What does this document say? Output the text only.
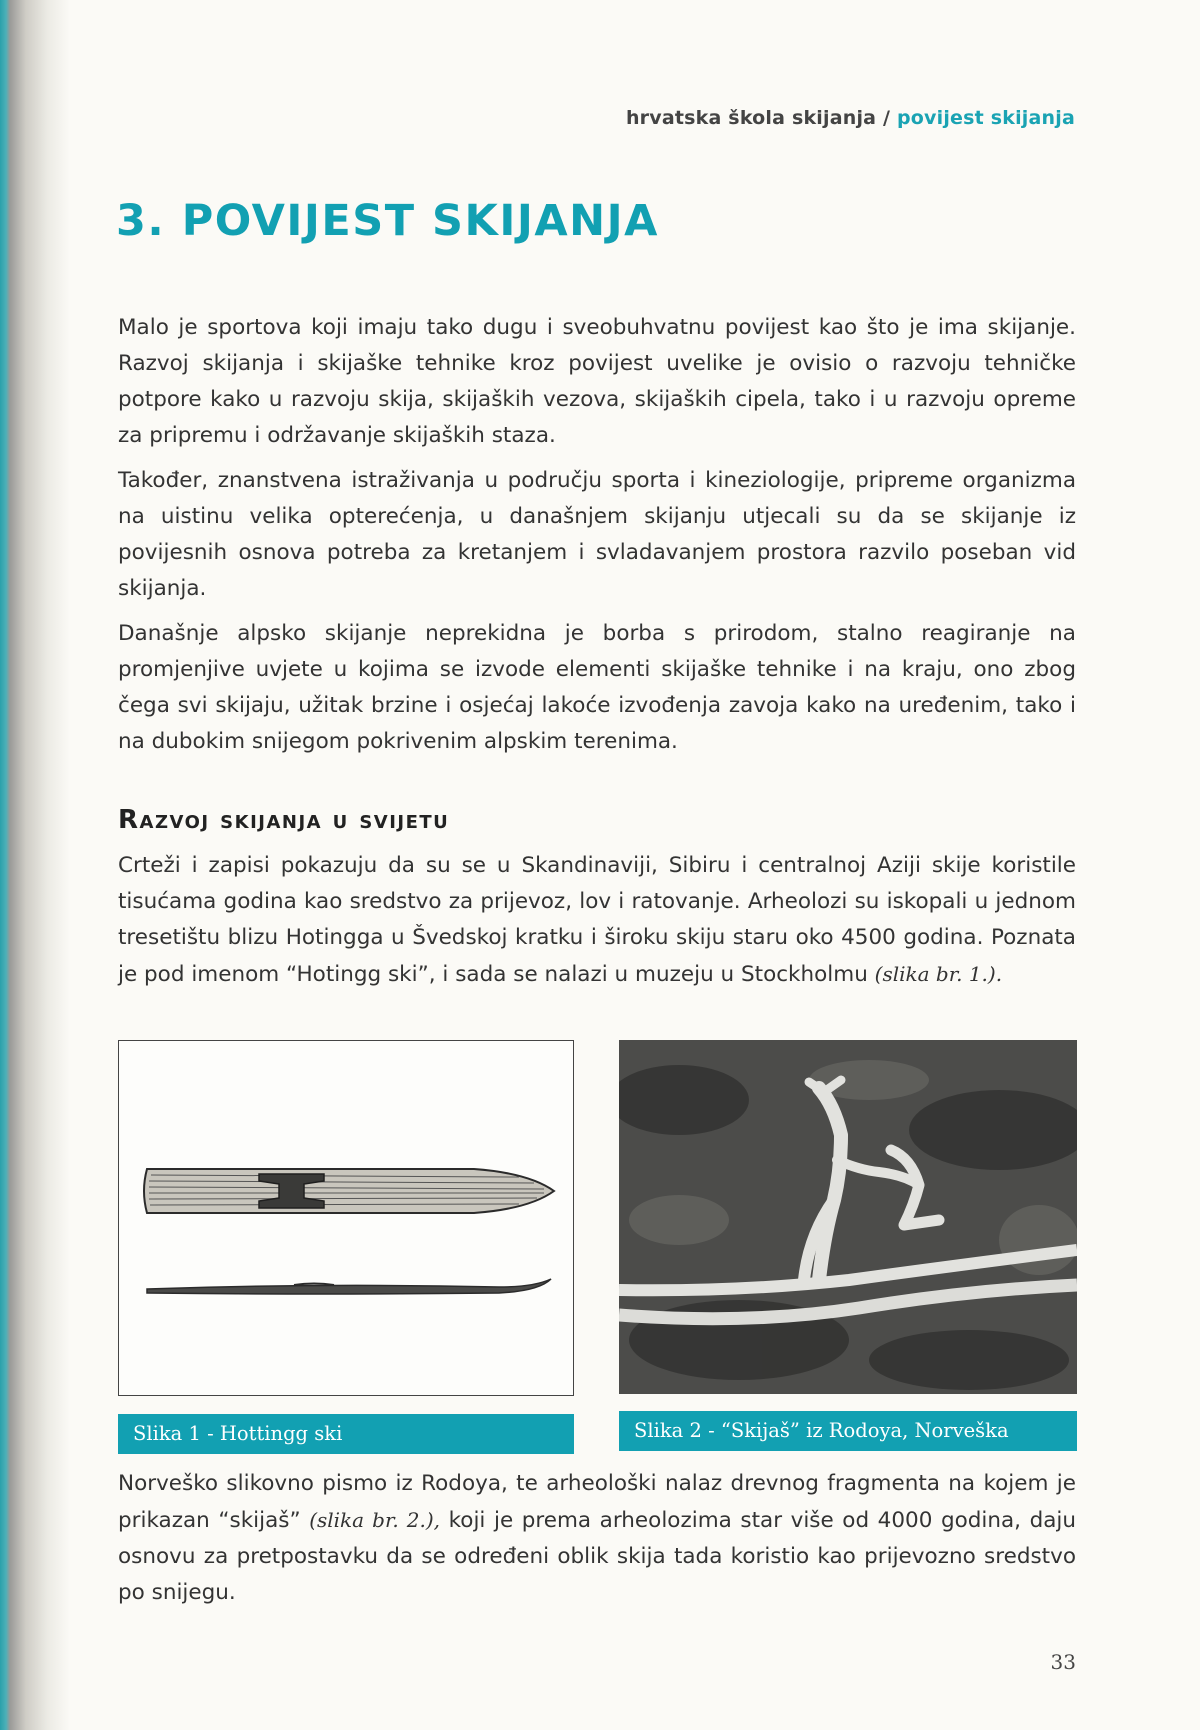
hrvatska škola skijanja / povijest skijanja
3. POVIJEST SKIJANJA

Malo je sportova koji imaju tako dugu i sveobuhvatnu povijest kao što je ima skijanje. Razvoj skijanja i skijaške tehnike kroz povijest uvelike je ovisio o razvoju tehničke potpore kako u razvoju skija, skijaških vezova, skijaških cipela, tako i u razvoju opreme za pripremu i održavanje skijaških staza.

Također, znanstvena istraživanja u području sporta i kineziologije, pripreme organizma na uistinu velika opterećenja, u današnjem skijanju utjecali su da se skijanje iz povijesnih osnova potreba za kretanjem i svladavanjem prostora razvilo poseban vid skijanja.

Današnje alpsko skijanje neprekidna je borba s prirodom, stalno reagiranje na promjenjive uvjete u kojima se izvode elementi skijaške tehnike i na kraju, ono zbog čega svi skijaju, užitak brzine i osjećaj lakoće izvođenja zavoja kako na uređenim, tako i na dubokim snijegom pokrivenim alpskim terenima.

Razvoj skijanja u svijetu

Crteži i zapisi pokazuju da su se u Skandinaviji, Sibiru i centralnoj Aziji skije koristile tisućama godina kao sredstvo za prijevoz, lov i ratovanje. Arheolozi su iskopali u jednom tresetištu blizu Hotingga u Švedskoj kratku i široku skiju staru oko 4500 godina. Poznata je pod imenom “Hotingg ski”, i sada se nalazi u muzeju u Stockholmu (slika br. 1.).

Slika 1 - Hottingg ski	Slika 2 - “Skijaš” iz Rodoya, Norveška

Norveško slikovno pismo iz Rodoya, te arheološki nalaz drevnog fragmenta na kojem je prikazan “skijaš” (slika br. 2.), koji je prema arheolozima star više od 4000 godina, daju osnovu za pretpostavku da se određeni oblik skija tada koristio kao prijevozno sredstvo po snijegu.

33
